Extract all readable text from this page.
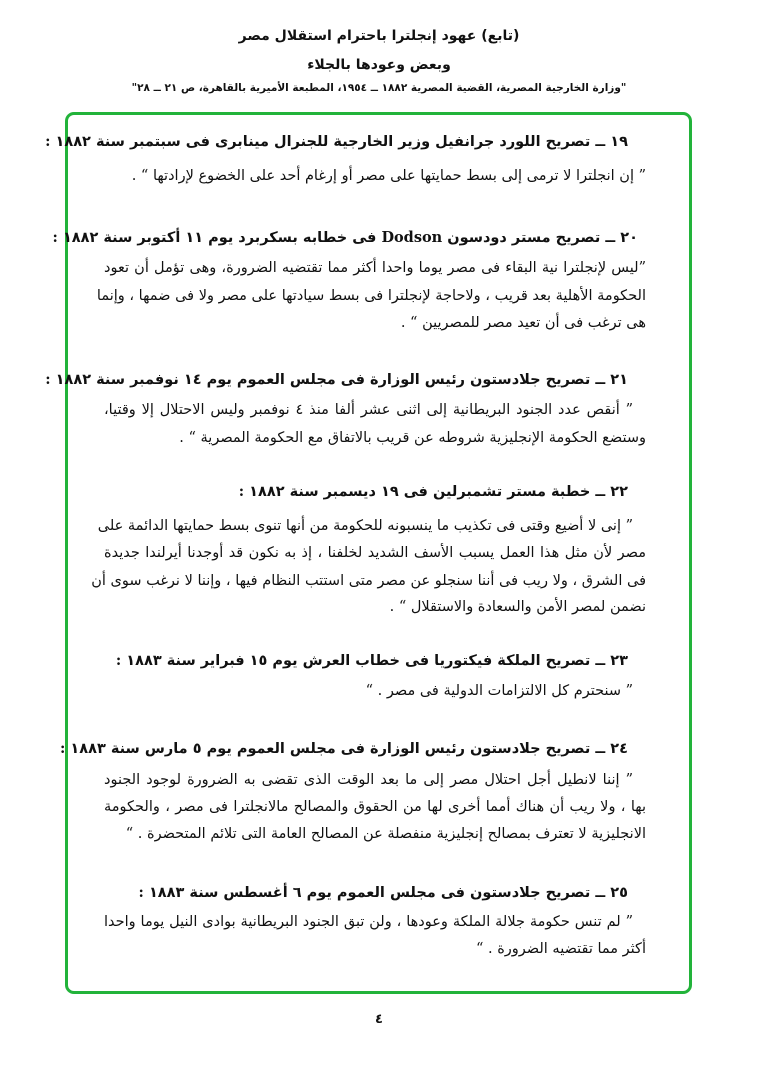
(تابع) عهود إنجلترا باحترام استقلال مصر
وبعض وعودها بالجلاء
"وزارة الخارجية المصرية، القضية المصرية ١٨٨٢ ــ ١٩٥٤، المطبعة الأميرية بالقاهرة، ص ٢١ ــ ٢٨"
١٩ ــ تصريح اللورد جرانفيل وزير الخارجية للجنرال مينابرى فى سبتمبر سنة ١٨٨٢ :
” إن انجلترا لا ترمى إلى بسط حمايتها على مصر أو إرغام أحد على الخضوع لإرادتها “ .
٢٠ ــ تصريح مستر دودسون Dodson فى خطابه بسكربرد يوم ١١ أكتوبر سنة ١٨٨٢ :
”ليس لإنجلترا نية البقاء فى مصر يوما واحدا أكثر مما تقتضيه الضرورة، وهى تؤمل أن تعود
الحكومة الأهلية بعد قريب ، ولاحاجة لإنجلترا فى بسط سيادتها على مصر ولا فى ضمها ، وإنما
هى ترغب فى أن تعيد مصر للمصريين “ .
٢١ ــ تصريح جلادستون رئيس الوزارة فى مجلس العموم يوم ١٤ نوفمبر سنة ١٨٨٢ :
” أنقص عدد الجنود البريطانية إلى اثنى عشر ألفا منذ ٤ نوفمبر وليس الاحتلال إلا وقتيا،
وستضع الحكومة الإنجليزية شروطه عن قريب بالاتفاق مع الحكومة المصرية “ .
٢٢ ــ خطبة مستر تشمبرلين فى ١٩ ديسمبر سنة ١٨٨٢ :
” إنى لا أضيع وقتى فى تكذيب ما ينسبونه للحكومة من أنها تنوى بسط حمايتها الدائمة على
مصر لأن مثل هذا العمل يسبب الأسف الشديد لخلفنا ، إذ به نكون قد أوجدنا أيرلندا جديدة
فى الشرق ، ولا ريب فى أننا سنجلو عن مصر متى استتب النظام فيها ، وإننا لا نرغب سوى أن
نضمن لمصر الأمن والسعادة والاستقلال “ .
٢٣ ــ تصريح الملكة فيكتوريا فى خطاب العرش يوم ١٥ فبراير سنة ١٨٨٣ :
” سنحترم كل الالتزامات الدولية فى مصر . “
٢٤ ــ تصريح جلادستون رئيس الوزارة فى مجلس العموم يوم ٥ مارس سنة ١٨٨٣ :
” إننا لانطيل أجل احتلال مصر إلى ما بعد الوقت الذى تقضى به الضرورة لوجود الجنود
بها ، ولا ريب أن هناك أمما أخرى لها من الحقوق والمصالح مالانجلترا فى مصر ، والحكومة
الانجليزية لا تعترف بمصالح إنجليزية منفصلة عن المصالح العامة التى تلائم المتحضرة . “
٢٥ ــ تصريح جلادستون فى مجلس العموم يوم ٦ أغسطس سنة ١٨٨٣ :
” لم تنس حكومة جلالة الملكة وعودها ، ولن تبق الجنود البريطانية بوادى النيل يوما واحدا
أكثر مما تقتضيه الضرورة . “
٤
